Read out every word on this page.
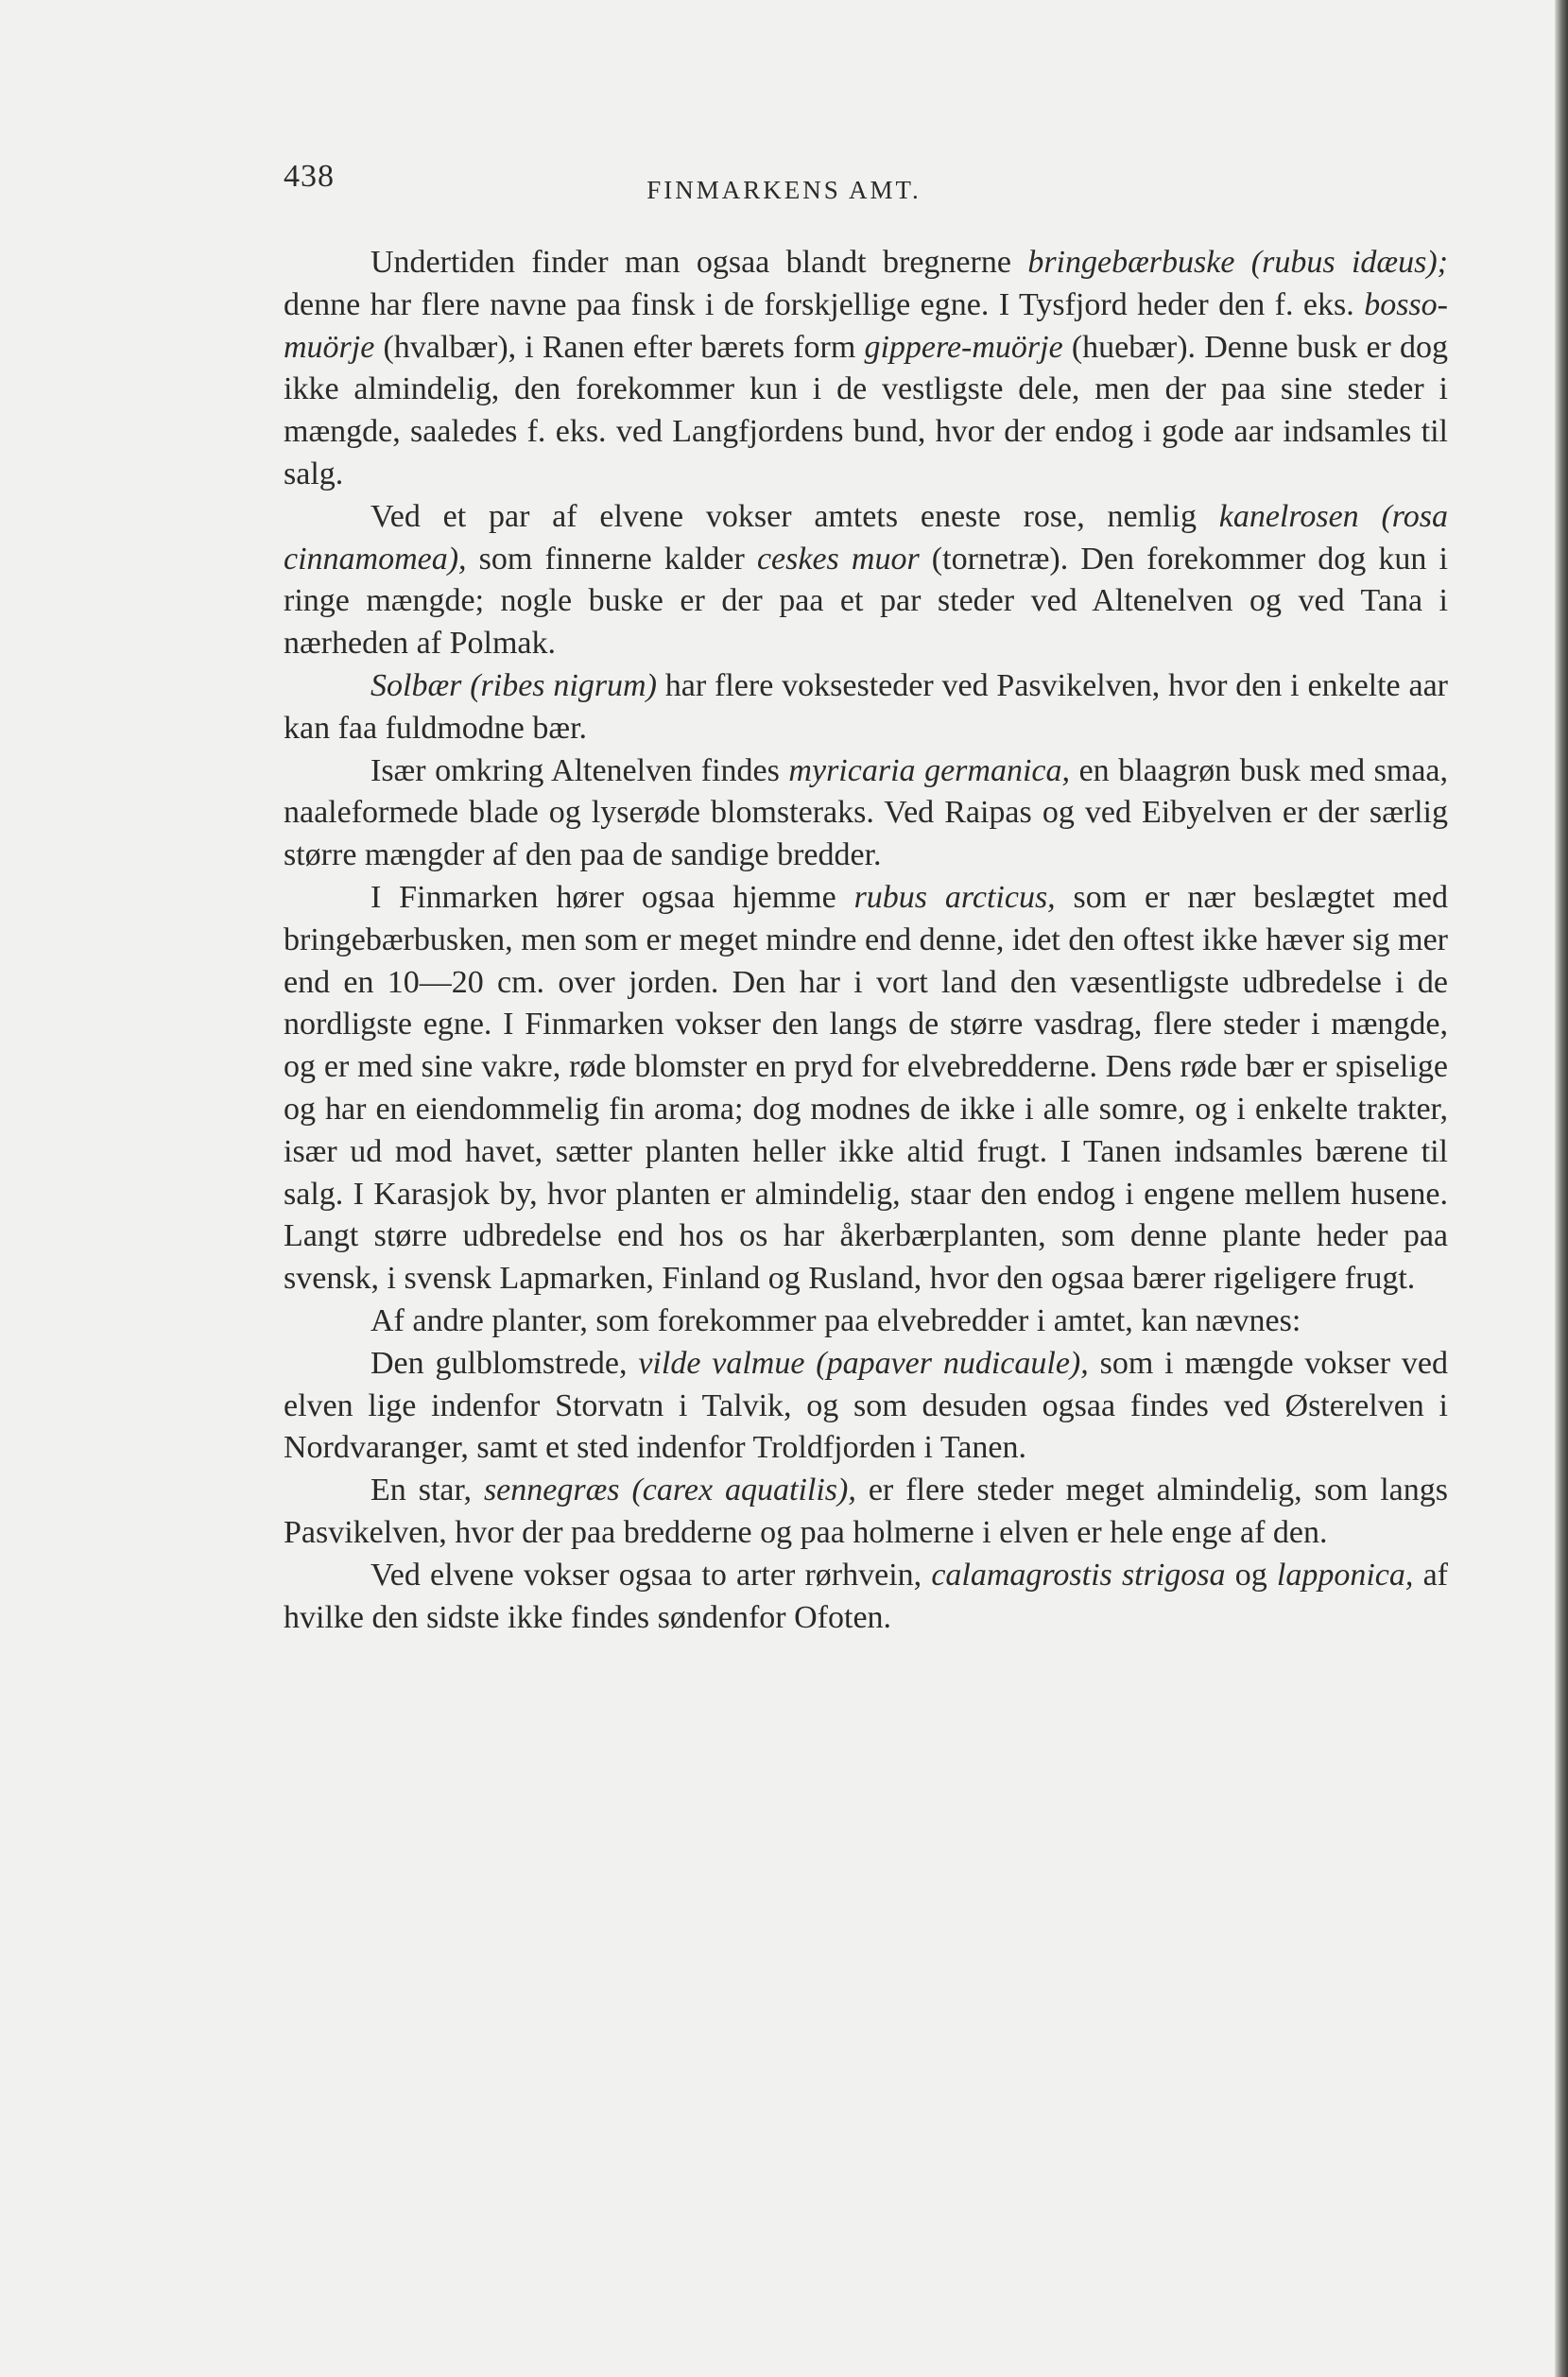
438	FINMARKENS AMT.

Undertiden finder man ogsaa blandt bregnerne bringebærbuske (rubus idæus); denne har flere navne paa finsk i de forskjellige egne. I Tysfjord heder den f. eks. bosso-muörje (hvalbær), i Ranen efter bærets form gippere-muörje (huebær). Denne busk er dog ikke almindelig, den forekommer kun i de vestligste dele, men der paa sine steder i mængde, saaledes f. eks. ved Langfjordens bund, hvor der endog i gode aar indsamles til salg.

Ved et par af elvene vokser amtets eneste rose, nemlig kanelrosen (rosa cinnamomea), som finnerne kalder ceskes muor (tornetræ). Den forekommer dog kun i ringe mængde; nogle buske er der paa et par steder ved Altenelven og ved Tana i nærheden af Polmak.

Solbær (ribes nigrum) har flere voksesteder ved Pasvikelven, hvor den i enkelte aar kan faa fuldmodne bær.

Især omkring Altenelven findes myricaria germanica, en blaagrøn busk med smaa, naaleformede blade og lyserøde blomsteraks. Ved Raipas og ved Eibyelven er der særlig større mængder af den paa de sandige bredder.

I Finmarken hører ogsaa hjemme rubus arcticus, som er nær beslægtet med bringebærbusken, men som er meget mindre end denne, idet den oftest ikke hæver sig mer end en 10—20 cm. over jorden. Den har i vort land den væsentligste udbredelse i de nordligste egne. I Finmarken vokser den langs de større vasdrag, flere steder i mængde, og er med sine vakre, røde blomster en pryd for elvebredderne. Dens røde bær er spiselige og har en eiendommelig fin aroma; dog modnes de ikke i alle somre, og i enkelte trakter, især ud mod havet, sætter planten heller ikke altid frugt. I Tanen indsamles bærene til salg. I Karasjok by, hvor planten er almindelig, staar den endog i engene mellem husene. Langt større udbredelse end hos os har åkerbærplanten, som denne plante heder paa svensk, i svensk Lapmarken, Finland og Rusland, hvor den ogsaa bærer rigeligere frugt.

Af andre planter, som forekommer paa elvebredder i amtet, kan nævnes:

Den gulblomstrede, vilde valmue (papaver nudicaule), som i mængde vokser ved elven lige indenfor Storvatn i Talvik, og som desuden ogsaa findes ved Østerelven i Nordvaranger, samt et sted indenfor Troldfjorden i Tanen.

En star, sennegræs (carex aquatilis), er flere steder meget almindelig, som langs Pasvikelven, hvor der paa bredderne og paa holmerne i elven er hele enge af den.

Ved elvene vokser ogsaa to arter rørhvein, calamagrostis strigosa og lapponica, af hvilke den sidste ikke findes søndenfor Ofoten.
